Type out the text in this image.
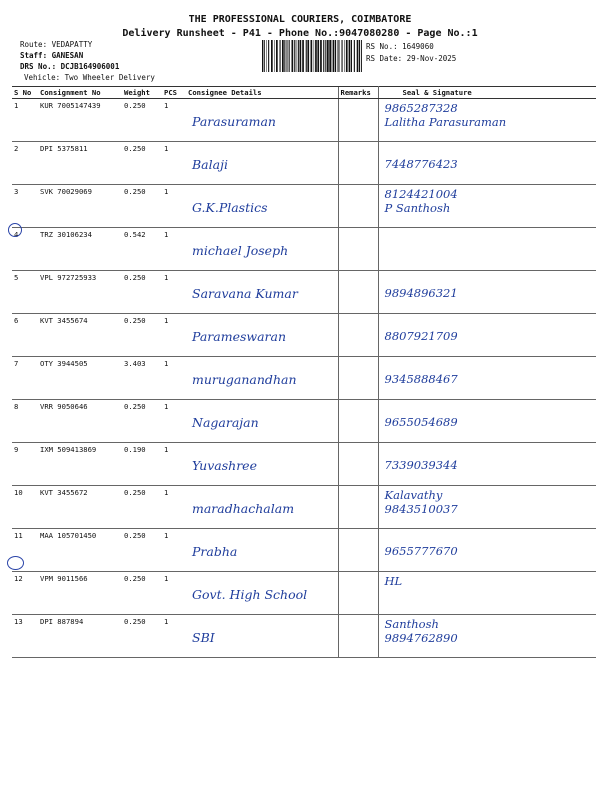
THE PROFESSIONAL COURIERS, COIMBATORE
Delivery Runsheet - P41 - Phone No.:9047080280 - Page No.:1
Route: VEDAPATTY
Staff: GANESAN
DRS No.: DCJB164906001
Vehicle: Two Wheeler Delivery
RS No.: 1649060
RS Date: 29-Nov-2025
S No	Consignment No	Weight	PCS	Consignee Details	Remarks	Seal & Signature
1	KUR 7005147439	0.250	1	Parasuraman		9865287328
Lalitha Parasuraman

2	DPI 5375811	0.250	1	Balaji		7448776423

3	SVK 70029069	0.250	1	G.K.Plastics		8124421004
P Santhosh

4	TRZ 30106234	0.542	1	michael Joseph		

5	VPL 972725933	0.250	1	Saravana Kumar		9894896321

6	KVT 3455674	0.250	1	Parameswaran		8807921709

7	OTY 3944505	3.403	1	muruganandhan		9345888467

8	VRR 9050646	0.250	1	Nagarajan		9655054689

9	IXM 509413869	0.190	1	Yuvashree		7339039344

10	KVT 3455672	0.250	1	maradhachalam		Kalavathy
9843510037

11	MAA 105701450	0.250	1	Prabha		9655777670

12	VPM 9011566	0.250	1	Govt. High School		HL

13	DPI 887894	0.250	1	SBI		Santhosh
9894762890
